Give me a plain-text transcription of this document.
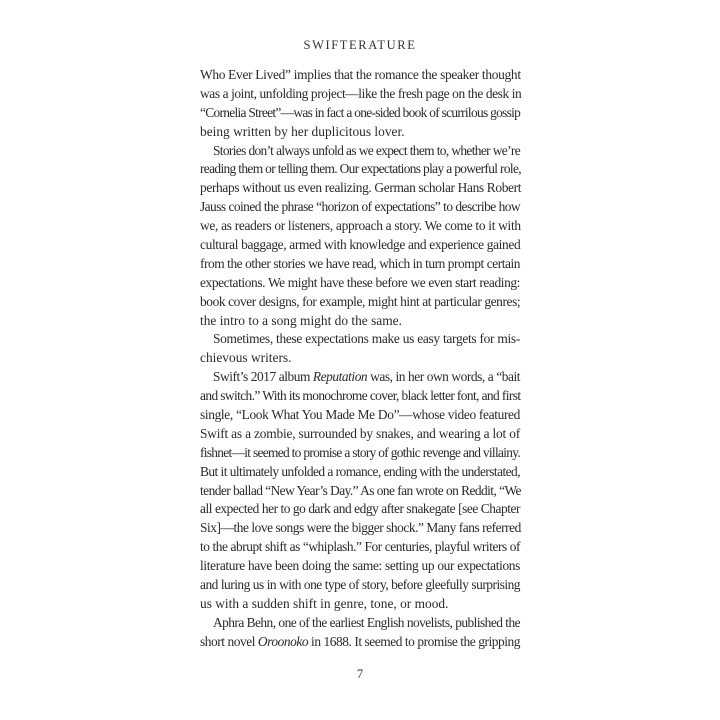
SWIFTERATURE
Who Ever Lived” implies that the romance the speaker thought
was a joint, unfolding project—like the fresh page on the desk in
“Cornelia Street”—was in fact a one-sided book of scurrilous gossip
being written by her duplicitous lover.
Stories don’t always unfold as we expect them to, whether we’re
reading them or telling them. Our expectations play a powerful role,
perhaps without us even realizing. German scholar Hans Robert
Jauss coined the phrase “horizon of expectations” to describe how
we, as readers or listeners, approach a story. We come to it with
cultural baggage, armed with knowledge and experience gained
from the other stories we have read, which in turn prompt certain
expectations. We might have these before we even start reading:
book cover designs, for example, might hint at particular genres;
the intro to a song might do the same.
Sometimes, these expectations make us easy targets for mis-
chievous writers.
Swift’s 2017 album Reputation was, in her own words, a “bait
and switch.” With its monochrome cover, black letter font, and first
single, “Look What You Made Me Do”—whose video featured
Swift as a zombie, surrounded by snakes, and wearing a lot of
fishnet—it seemed to promise a story of gothic revenge and villainy.
But it ultimately unfolded a romance, ending with the understated,
tender ballad “New Year’s Day.” As one fan wrote on Reddit, “We
all expected her to go dark and edgy after snakegate [see Chapter
Six]—the love songs were the bigger shock.” Many fans referred
to the abrupt shift as “whiplash.” For centuries, playful writers of
literature have been doing the same: setting up our expectations
and luring us in with one type of story, before gleefully surprising
us with a sudden shift in genre, tone, or mood.
Aphra Behn, one of the earliest English novelists, published the
short novel Oroonoko in 1688. It seemed to promise the gripping
7
